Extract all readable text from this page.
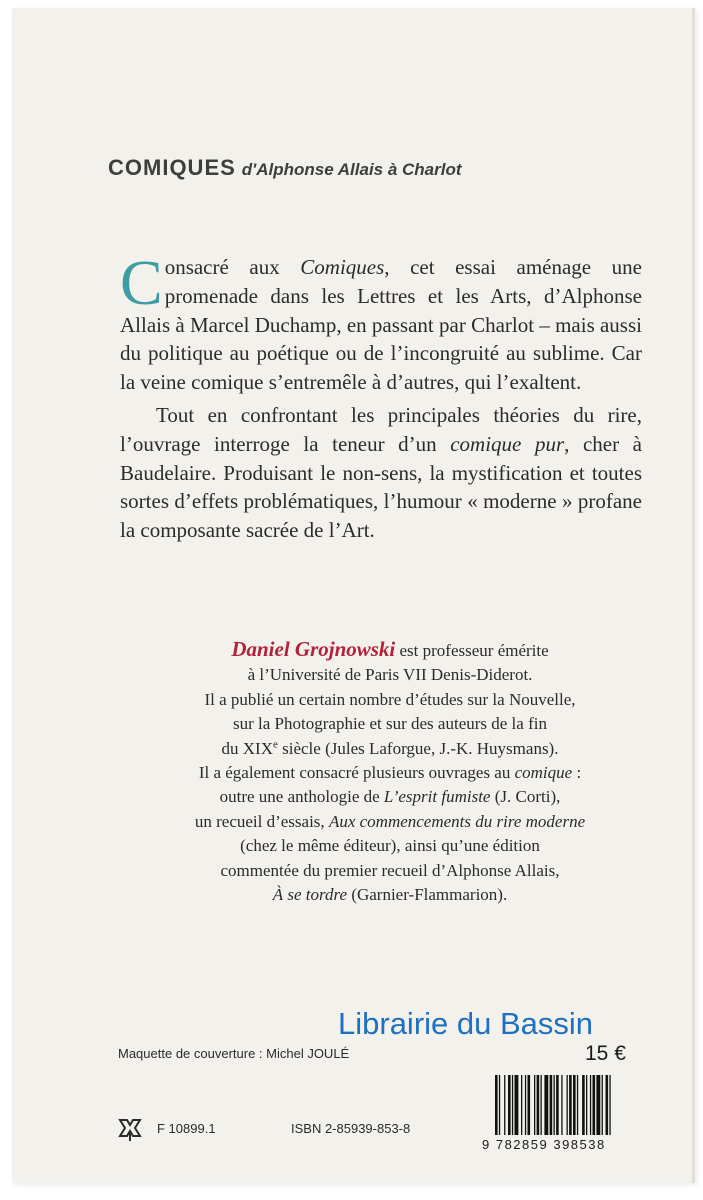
COMIQUES d'Alphonse Allais à Charlot

Consacré aux Comiques, cet essai aménage une promenade dans les Lettres et les Arts, d’Alphonse Allais à Marcel Duchamp, en passant par Charlot – mais aussi du politique au poétique ou de l’incongruité au sublime. Car la veine comique s’entremêle à d’autres, qui l’exaltent.

Tout en confrontant les principales théories du rire, l’ouvrage interroge la teneur d’un comique pur, cher à Baudelaire. Produisant le non-sens, la mystification et toutes sortes d’effets problématiques, l’humour « moderne » profane la composante sacrée de l’Art.

Daniel Grojnowski est professeur émérite
à l’Université de Paris VII Denis-Diderot.
Il a publié un certain nombre d’études sur la Nouvelle,
sur la Photographie et sur des auteurs de la fin
du XIXe siècle (Jules Laforgue, J.-K. Huysmans).
Il a également consacré plusieurs ouvrages au comique :
outre une anthologie de L’esprit fumiste (J. Corti),
un recueil d’essais, Aux commencements du rire moderne
(chez le même éditeur), ainsi qu’une édition
commentée du premier recueil d’Alphonse Allais,
À se tordre (Garnier-Flammarion).
Librairie du Bassin
Maquette de couverture : Michel JOULÉ	15 €
F 10899.1	ISBN 2-85939-853-8
9 782859 398538
